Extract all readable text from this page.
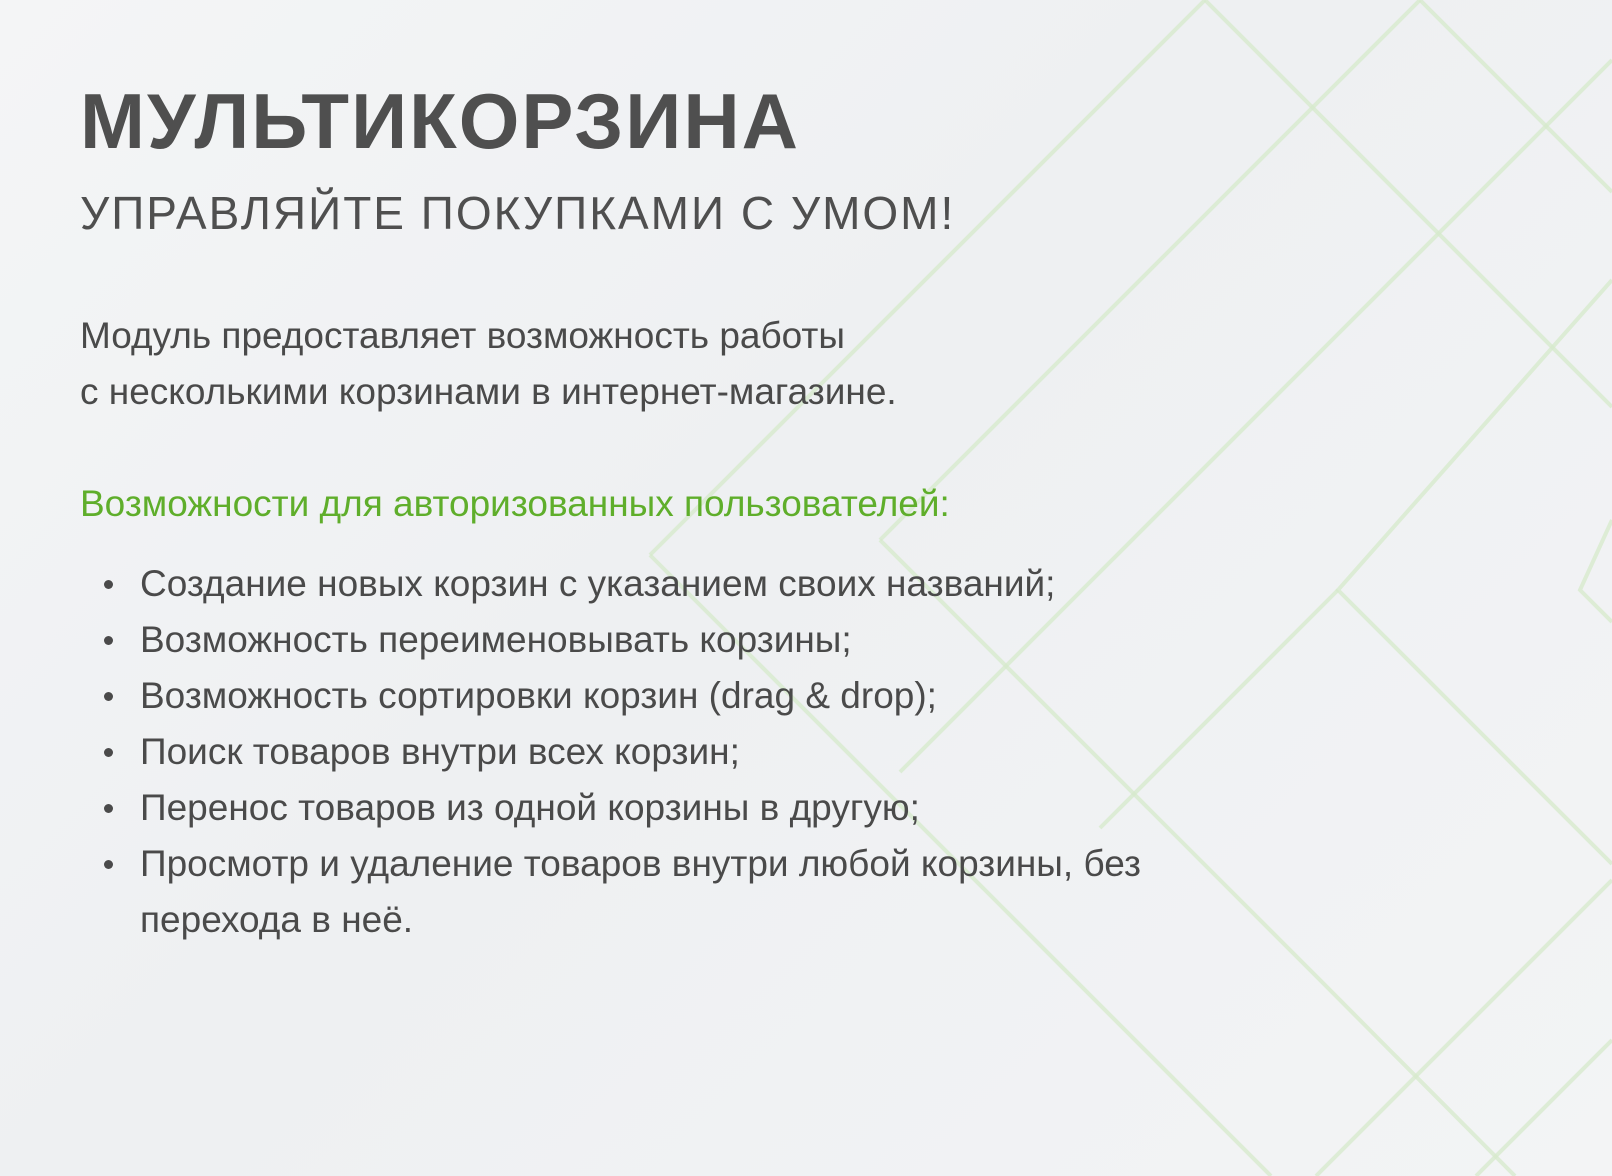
МУЛЬТИКОРЗИНА
УПРАВЛЯЙТЕ ПОКУПКАМИ С УМОМ!

Модуль предоставляет возможность работы

с несколькими корзинами в интернет-магазине.

Возможности для авторизованных пользователей:
Создание новых корзин с указанием своих названий;
Возможность переименовывать корзины;
Возможность сортировки корзин (drag & drop);
Поиск товаров внутри всех корзин;
Перенос товаров из одной корзины в другую;
Просмотр и удаление товаров внутри любой корзины, без перехода в неё.
